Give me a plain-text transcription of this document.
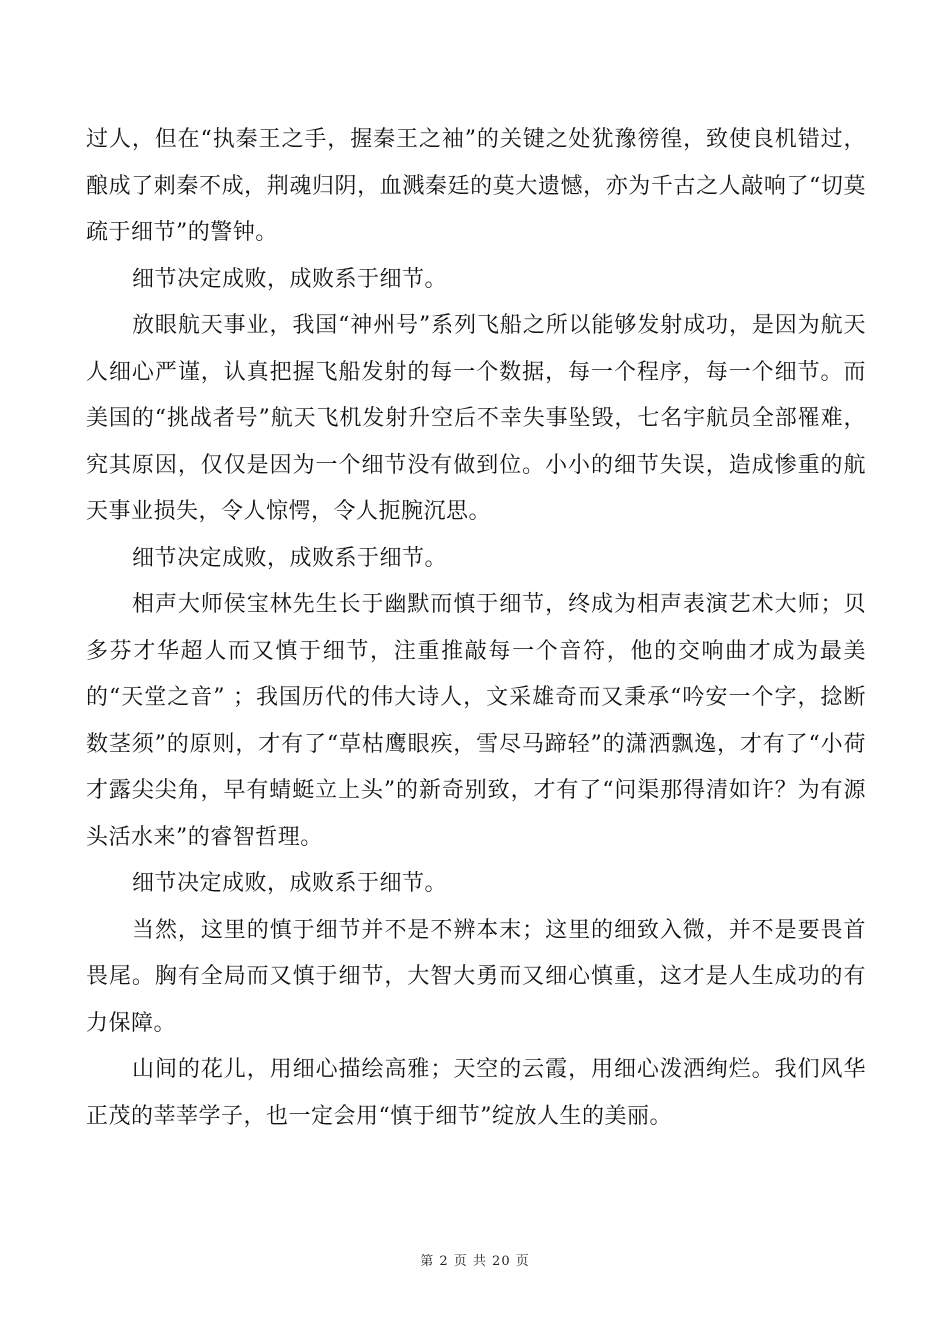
过人，但在“执秦王之手，握秦王之袖”的关键之处犹豫徬徨，致使良机错过，酿成了刺秦不成，荆魂归阴，血溅秦廷的莫大遗憾，亦为千古之人敲响了“切莫疏于细节”的警钟。

细节决定成败，成败系于细节。

放眼航天事业，我国“神州号”系列飞船之所以能够发射成功，是因为航天人细心严谨，认真把握飞船发射的每一个数据，每一个程序，每一个细节。而美国的“挑战者号”航天飞机发射升空后不幸失事坠毁，七名宇航员全部罹难，究其原因，仅仅是因为一个细节没有做到位。小小的细节失误，造成惨重的航天事业损失，令人惊愕，令人扼腕沉思。

细节决定成败，成败系于细节。

相声大师侯宝林先生长于幽默而慎于细节，终成为相声表演艺术大师；贝多芬才华超人而又慎于细节，注重推敲每一个音符，他的交响曲才成为最美的“天堂之音” ；我国历代的伟大诗人，文采雄奇而又秉承“吟安一个字，捻断数茎须”的原则，才有了“草枯鹰眼疾，雪尽马蹄轻”的潇洒飘逸，才有了“小荷才露尖尖角，早有蜻蜓立上头”的新奇别致，才有了“问渠那得清如许？为有源头活水来”的睿智哲理。

细节决定成败，成败系于细节。

当然，这里的慎于细节并不是不辨本末；这里的细致入微，并不是要畏首畏尾。胸有全局而又慎于细节，大智大勇而又细心慎重，这才是人生成功的有力保障。

山间的花儿，用细心描绘高雅；天空的云霞，用细心泼洒绚烂。我们风华正茂的莘莘学子，也一定会用“慎于细节”绽放人生的美丽。

第 2 页 共 20 页
